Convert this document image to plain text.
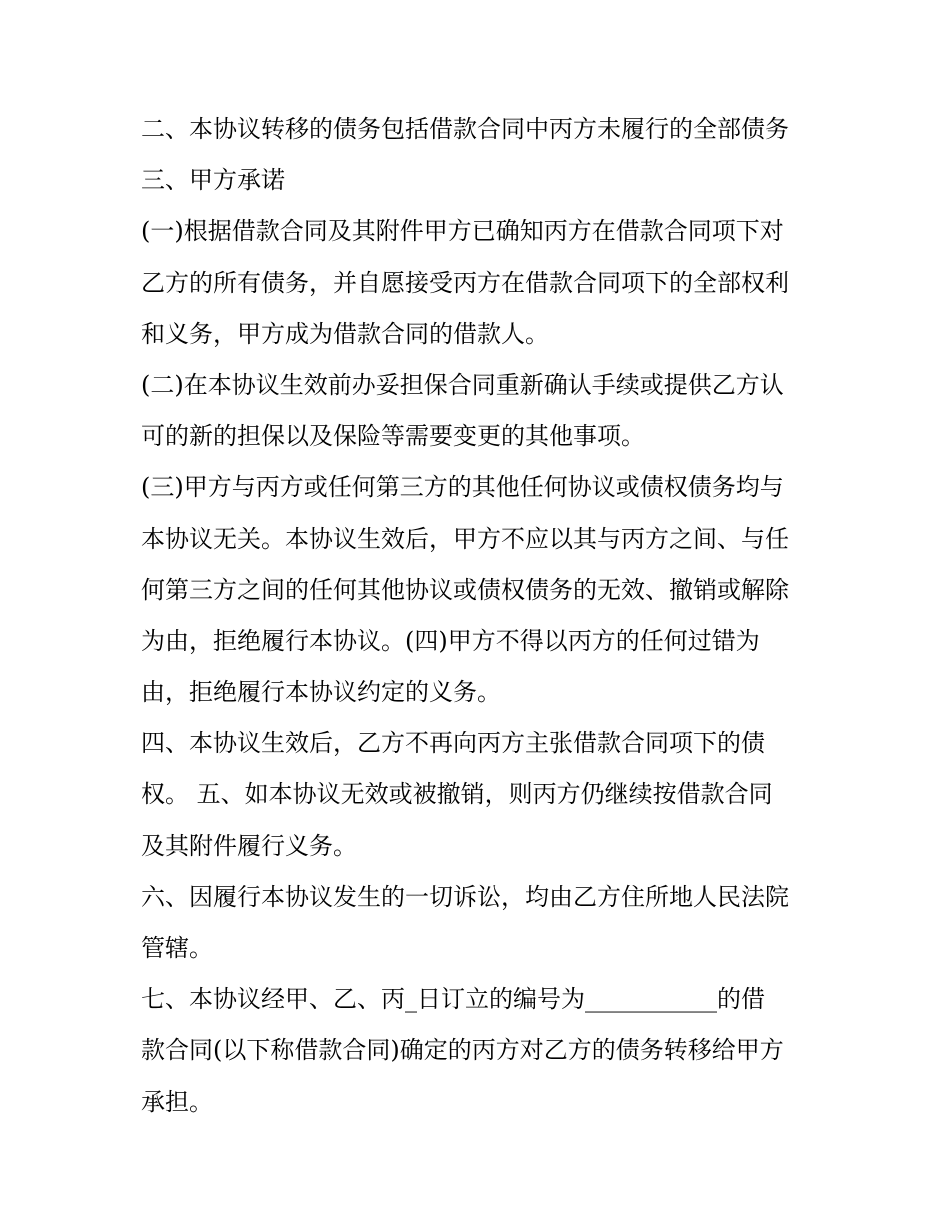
二、本协议转移的债务包括借款合同中丙方未履行的全部债务
三、甲方承诺
(一)根据借款合同及其附件甲方已确知丙方在借款合同项下对
乙方的所有债务，并自愿接受丙方在借款合同项下的全部权利
和义务，甲方成为借款合同的借款人。
(二)在本协议生效前办妥担保合同重新确认手续或提供乙方认
可的新的担保以及保险等需要变更的其他事项。
(三)甲方与丙方或任何第三方的其他任何协议或债权债务均与
本协议无关。本协议生效后，甲方不应以其与丙方之间、与任
何第三方之间的任何其他协议或债权债务的无效、撤销或解除
为由，拒绝履行本协议。(四)甲方不得以丙方的任何过错为
由，拒绝履行本协议约定的义务。
四、本协议生效后，乙方不再向丙方主张借款合同项下的债
权。 五、如本协议无效或被撤销，则丙方仍继续按借款合同
及其附件履行义务。
六、因履行本协议发生的一切诉讼，均由乙方住所地人民法院
管辖。
七、本协议经甲、乙、丙_日订立的编号为___________的借
款合同(以下称借款合同)确定的丙方对乙方的债务转移给甲方
承担。
